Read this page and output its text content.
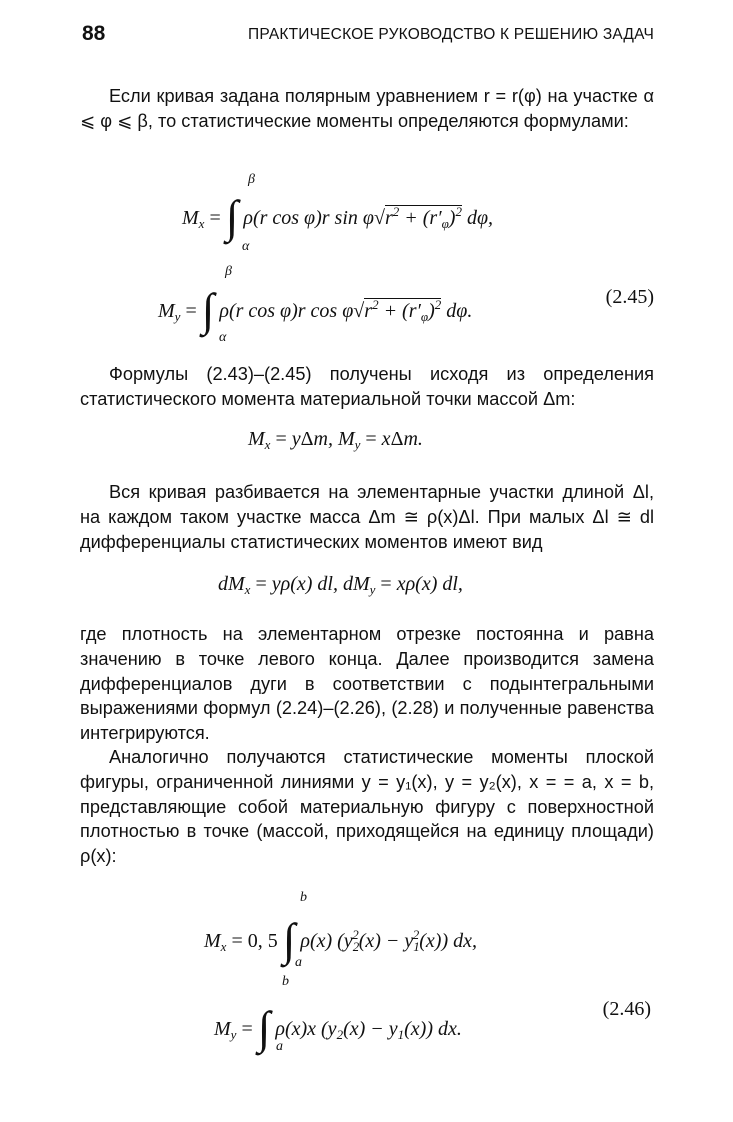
88	ПРАКТИЧЕСКОЕ РУКОВОДСТВО К РЕШЕНИЮ ЗАДАЧ

Если кривая задана полярным уравнением r = r(φ) на участке α ⩽ φ ⩽ β, то статистические моменты определяются формулами:

$M_x$ = ∫ ρ(r cos φ)r $\sin \varphi√r^2 + (r'_\varphi)^2$ dφ,
β
α
$M_y$ = ∫ ρ(r cos φ)r $\cos \varphi√r^2 + (r'_\varphi)^2$ dφ.
β
α
(2.45)

Формулы (2.43)–(2.45) получены исходя из определения статистического момента материальной точки массой Δm:

$M_x = y\Delta m$, $M_y = x\Delta m$.

Вся кривая разбивается на элементарные участки длиной Δl, на каждом таком участке масса Δm ≅ ρ(x)Δl. При малых Δl ≅ dl дифференциалы статистических моментов имеют вид

$dM_x = y\rho(x)$ dl, $dM_y = x\rho(x)$ dl,

где плотность на элементарном отрезке постоянна и равна значению в точке левого конца. Далее производится замена дифференциалов дуги в соответствии с подынтегральными выражениями формул (2.24)–(2.26), (2.28) и полученные равенства интегрируются.

Аналогично получаются статистические моменты плоской фигуры, ограниченной линиями y = y₁(x), y = y₂(x), x = = a, x = b, представляющие собой материальную фигуру с поверхностной плотностью в точке (массой, приходящейся на единицу площади) ρ(x):

$M_x = 0$, 5 ∫ ρ(x) $(y_2^2(x) - y_1^2(x))$ dx,
b
a
$M_y$ = ∫ ρ(x)x $(y_2(x) - y_1(x))$ dx.
b
a
(2.46)
